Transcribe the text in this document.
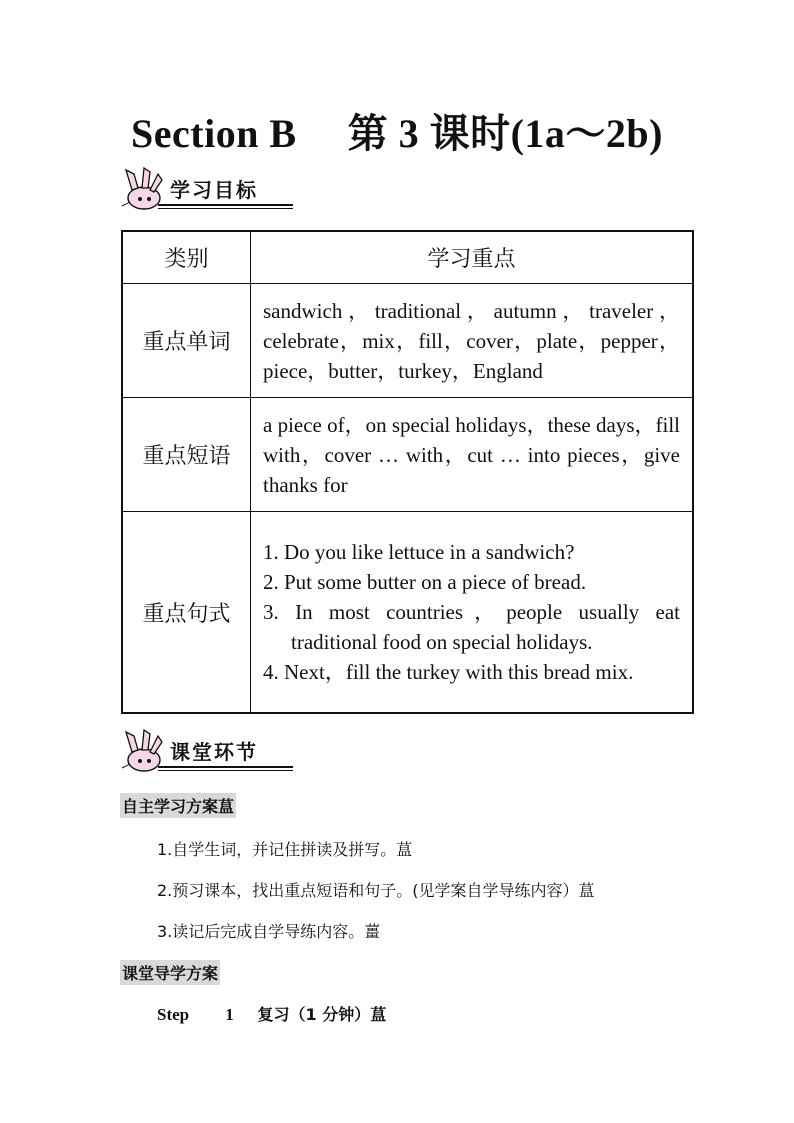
Section B　 第 3 课时(1a～2b)
学习目标
类别	学习重点
重点单词	sandwich，traditional，autumn，traveler，celebrate，mix，fill，cover，plate，pepper，piece，butter，turkey，England
重点短语	a piece of，on special holidays，these days，fill with，cover … with，cut … into pieces，give thanks for
重点句式	1. Do you like lettuce in a sandwich?

2. Put some butter on a piece of bread.

3. In most countries，people usually eat traditional food on special holidays.

4. Next，fill the turkey with this bread mix.

课堂环节
自主学习方案蒀
1.自学生词，并记住拼读及拼写。蒀
2.预习课本，找出重点短语和句子。(见学案自学导练内容）蒀
3.读记后完成自学导练内容。薑
课堂导学方案
Step 1 复习（1 分钟）蒀
